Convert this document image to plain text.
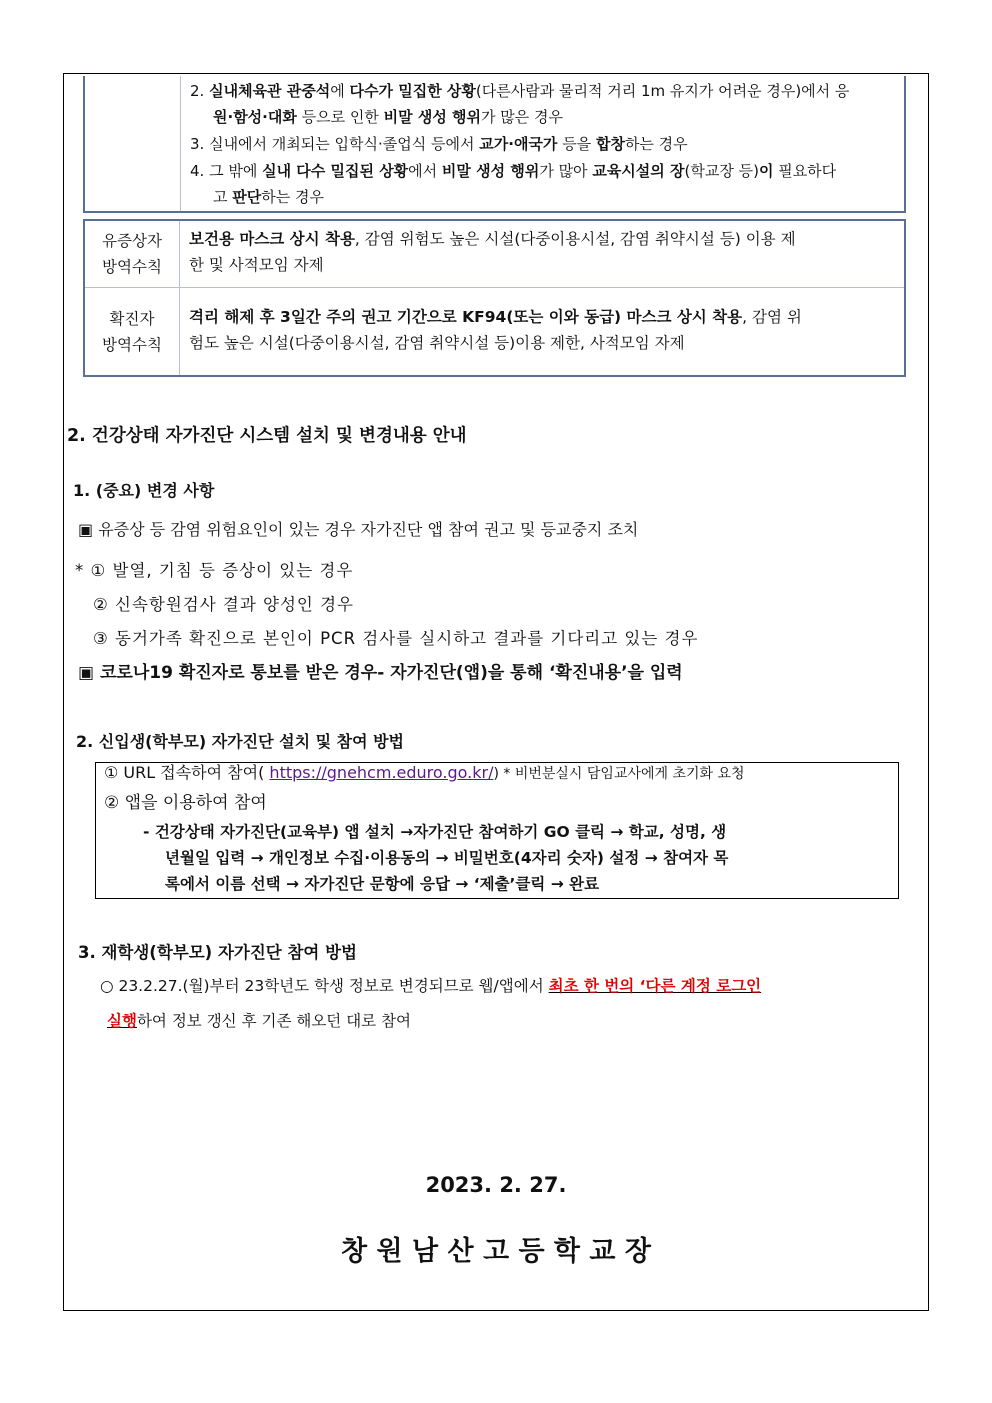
2. 실내체육관 관중석에 다수가 밀집한 상황(다른사람과 물리적 거리 1m 유지가 어려운 경우)에서 응
원·함성·대화 등으로 인한 비말 생성 행위가 많은 경우
3. 실내에서 개최되는 입학식·졸업식 등에서 교가·애국가 등을 합창하는 경우
4. 그 밖에 실내 다수 밀집된 상황에서 비말 생성 행위가 많아 교육시설의 장(학교장 등)이 필요하다
고 판단하는 경우
유증상자
방역수칙
보건용 마스크 상시 착용, 감염 위험도 높은 시설(다중이용시설, 감염 취약시설 등) 이용 제
한 및 사적모임 자제
확진자
방역수칙
격리 해제 후 3일간 주의 권고 기간으로 KF94(또는 이와 동급) 마스크 상시 착용, 감염 위
험도 높은 시설(다중이용시설, 감염 취약시설 등)이용 제한, 사적모임 자제
2. 건강상태 자가진단 시스템 설치 및 변경내용 안내
1. (중요) 변경 사항
▣ 유증상 등 감염 위험요인이 있는 경우 자가진단 앱 참여 권고 및 등교중지 조치
* ① 발열, 기침 등 증상이 있는 경우
② 신속항원검사 결과 양성인 경우
③ 동거가족 확진으로 본인이 PCR 검사를 실시하고 결과를 기다리고 있는 경우
▣ 코로나19 확진자로 통보를 받은 경우- 자가진단(앱)을 통해 ‘확진내용’을 입력
2. 신입생(학부모) 자가진단 설치 및 참여 방법
① URL 접속하여 참여( https://gnehcm.eduro.go.kr/) * 비번분실시 담임교사에게 초기화 요청
② 앱을 이용하여 참여
- 건강상태 자가진단(교육부) 앱 설치 →자가진단 참여하기 GO 클릭 → 학교, 성명, 생
년월일 입력 → 개인정보 수집·이용동의 → 비밀번호(4자리 숫자) 설정 → 참여자 목
록에서 이름 선택 → 자가진단 문항에 응답 → ‘제출’클릭 → 완료
3. 재학생(학부모) 자가진단 참여 방법
○ 23.2.27.(월)부터 23학년도 학생 정보로 변경되므로 웹/앱에서 최초 한 번의 ‘다른 계정 로그인
실행하여 정보 갱신 후 기존 해오던 대로 참여
2023. 2. 27.
창 원 남 산 고 등 학 교 장
